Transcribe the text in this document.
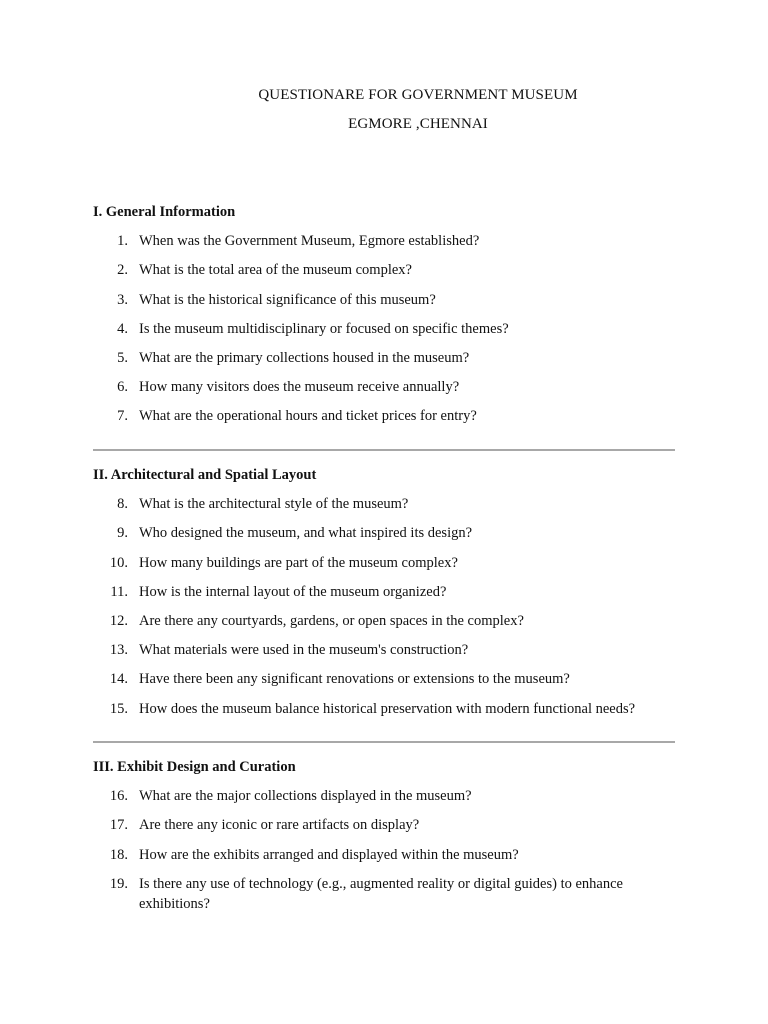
QUESTIONARE FOR GOVERNMENT MUSEUM
EGMORE ,CHENNAI
I. General Information
1. When was the Government Museum, Egmore established?
2. What is the total area of the museum complex?
3. What is the historical significance of this museum?
4. Is the museum multidisciplinary or focused on specific themes?
5. What are the primary collections housed in the museum?
6. How many visitors does the museum receive annually?
7. What are the operational hours and ticket prices for entry?
II. Architectural and Spatial Layout
8. What is the architectural style of the museum?
9. Who designed the museum, and what inspired its design?
10. How many buildings are part of the museum complex?
11. How is the internal layout of the museum organized?
12. Are there any courtyards, gardens, or open spaces in the complex?
13. What materials were used in the museum's construction?
14. Have there been any significant renovations or extensions to the museum?
15. How does the museum balance historical preservation with modern functional needs?
III. Exhibit Design and Curation
16. What are the major collections displayed in the museum?
17. Are there any iconic or rare artifacts on display?
18. How are the exhibits arranged and displayed within the museum?
19. Is there any use of technology (e.g., augmented reality or digital guides) to enhance exhibitions?
